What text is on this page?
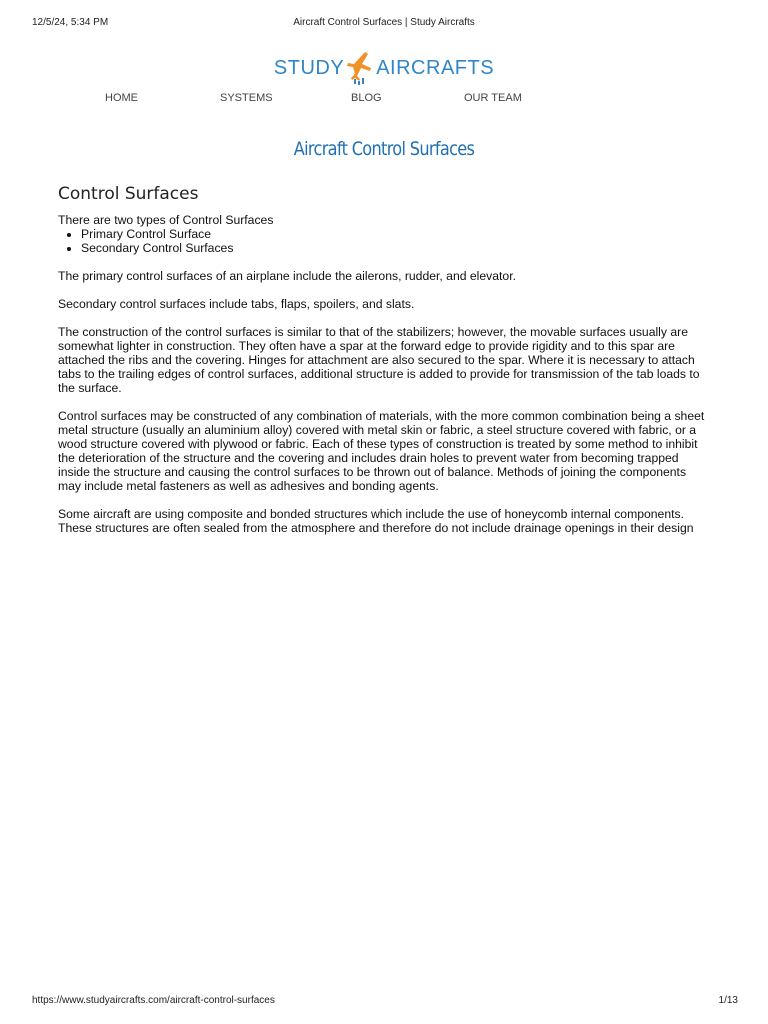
12/5/24, 5:34 PM	Aircraft Control Surfaces | Study Aircrafts
STUDY AIRCRAFTS
HOME	SYSTEMS	BLOG	OUR TEAM
Aircraft Control Surfaces
Control Surfaces

There are two types of Control Surfaces

• Primary Control Surface
• Secondary Control Surfaces

The primary control surfaces of an airplane include the ailerons, rudder, and elevator.

Secondary control surfaces include tabs, flaps, spoilers, and slats.

The construction of the control surfaces is similar to that of the stabilizers; however, the movable surfaces usually are somewhat lighter in construction. They often have a spar at the forward edge to provide rigidity and to this spar are attached the ribs and the covering. Hinges for attachment are also secured to the spar. Where it is necessary to attach tabs to the trailing edges of control surfaces, additional structure is added to provide for transmission of the tab loads to the surface.

Control surfaces may be constructed of any combination of materials, with the more common combination being a sheet metal structure (usually an aluminium alloy) covered with metal skin or fabric, a steel structure covered with fabric, or a wood structure covered with plywood or fabric. Each of these types of construction is treated by some method to inhibit the deterioration of the structure and the covering and includes drain holes to prevent water from becoming trapped inside the structure and causing the control surfaces to be thrown out of balance. Methods of joining the components may include metal fasteners as well as adhesives and bonding agents.

Some aircraft are using composite and bonded structures which include the use of honeycomb internal components. These structures are often sealed from the atmosphere and therefore do not include drainage openings in their design

https://www.studyaircrafts.com/aircraft-control-surfaces	1/13
